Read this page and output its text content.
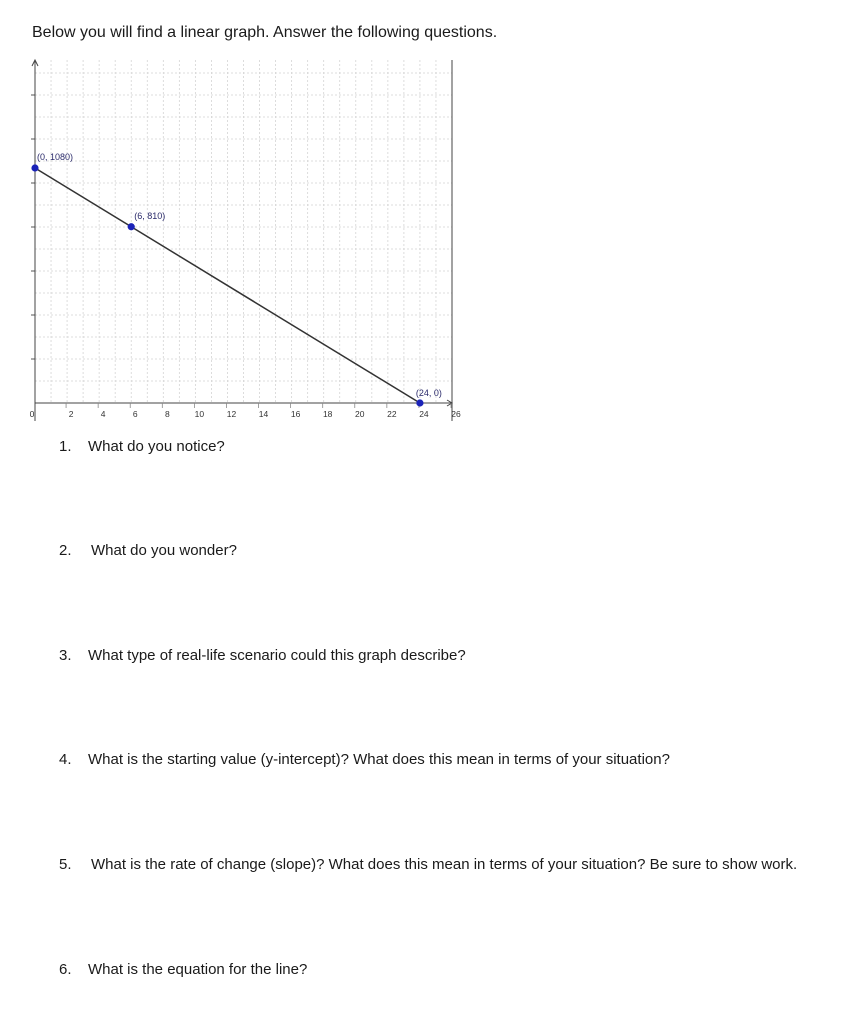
Below you will find a linear graph. Answer the following questions.
0	2	4	6	8	10	12	14	16	18	20	22	24	26
(0, 1080)
(6, 810)
(24, 0)
1. What do you notice?
2. What do you wonder?
3. What type of real-life scenario could this graph describe?
4. What is the starting value (y-intercept)? What does this mean in terms of your situation?
5. What is the rate of change (slope)? What does this mean in terms of your situation? Be sure to show work.
6. What is the equation for the line?
